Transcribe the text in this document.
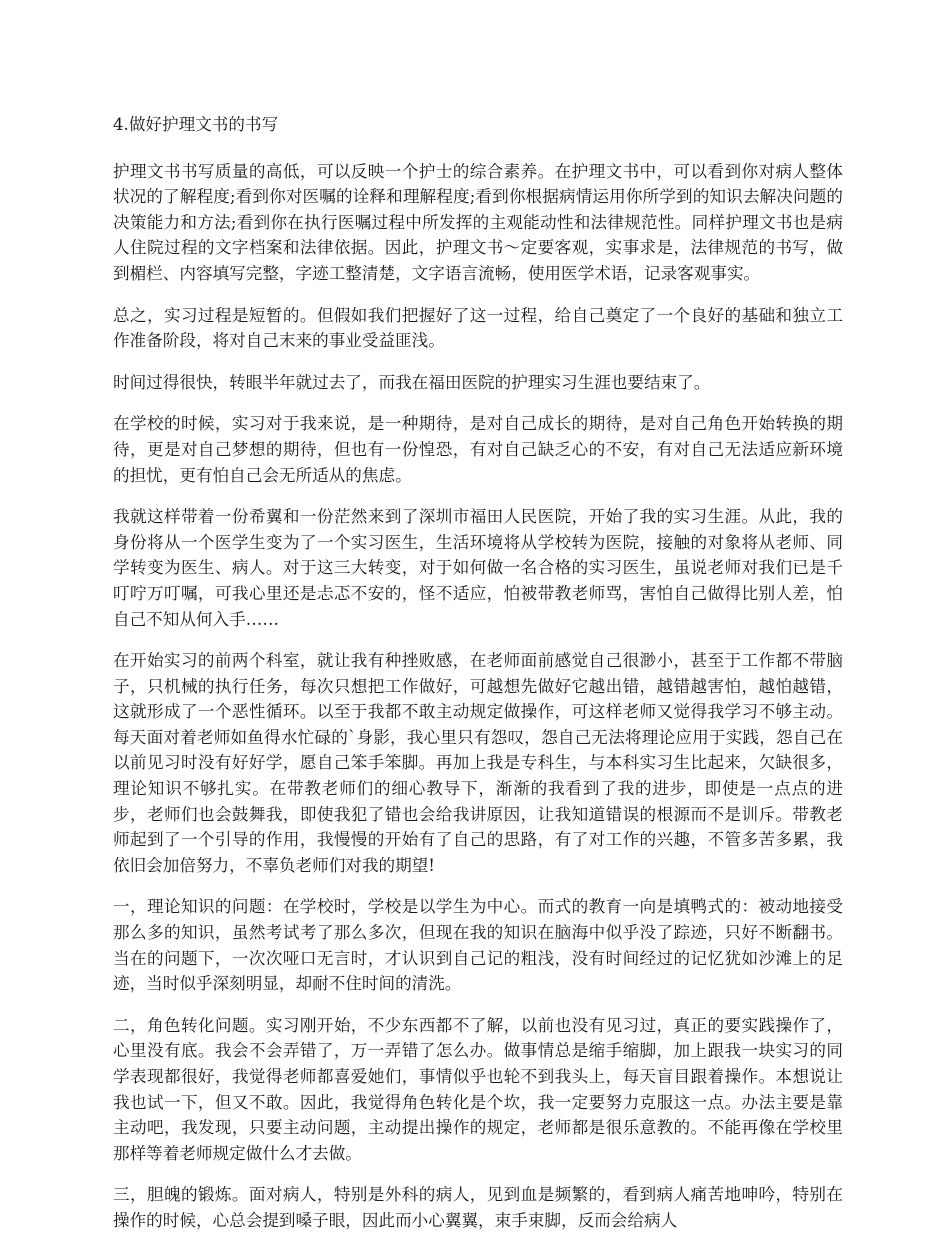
4.做好护理文书的书写

护理文书书写质量的高低，可以反映一个护士的综合素养。在护理文书中，可以看到你对病人整体状况的了解程度;看到你对医嘱的诠释和理解程度;看到你根据病情运用你所学到的知识去解决问题的决策能力和方法;看到你在执行医嘱过程中所发挥的主观能动性和法律规范性。同样护理文书也是病人住院过程的文字档案和法律依据。因此，护理文书～定要客观，实事求是，法律规范的书写，做到楣栏、内容填写完整，字迹工整清楚，文字语言流畅，使用医学术语，记录客观事实。

总之，实习过程是短暂的。但假如我们把握好了这一过程，给自己奠定了一个良好的基础和独立工作准备阶段，将对自己末来的事业受益匪浅。

时间过得很快，转眼半年就过去了，而我在福田医院的护理实习生涯也要结束了。

在学校的时候，实习对于我来说，是一种期待，是对自己成长的期待，是对自己角色开始转换的期待，更是对自己梦想的期待，但也有一份惶恐，有对自己缺乏心的不安，有对自己无法适应新环境的担忧，更有怕自己会无所适从的焦虑。

我就这样带着一份希翼和一份茫然来到了深圳市福田人民医院，开始了我的实习生涯。从此，我的身份将从一个医学生变为了一个实习医生，生活环境将从学校转为医院，接触的对象将从老师、同学转变为医生、病人。对于这三大转变，对于如何做一名合格的实习医生，虽说老师对我们已是千叮咛万叮嘱，可我心里还是忐忑不安的，怪不适应，怕被带教老师骂，害怕自己做得比别人差，怕自己不知从何入手……

在开始实习的前两个科室，就让我有种挫败感，在老师面前感觉自己很渺小，甚至于工作都不带脑子，只机械的执行任务，每次只想把工作做好，可越想先做好它越出错，越错越害怕，越怕越错，这就形成了一个恶性循环。以至于我都不敢主动规定做操作，可这样老师又觉得我学习不够主动。每天面对着老师如鱼得水忙碌的`身影，我心里只有怨叹，怨自己无法将理论应用于实践，怨自己在以前见习时没有好好学，愿自己笨手笨脚。再加上我是专科生，与本科实习生比起来，欠缺很多，理论知识不够扎实。在带教老师们的细心教导下，渐渐的我看到了我的进步，即使是一点点的进步，老师们也会鼓舞我，即使我犯了错也会给我讲原因，让我知道错误的根源而不是训斥。带教老师起到了一个引导的作用，我慢慢的开始有了自己的思路，有了对工作的兴趣，不管多苦多累，我依旧会加倍努力，不辜负老师们对我的期望!

一，理论知识的问题：在学校时，学校是以学生为中心。而式的教育一向是填鸭式的：被动地接受那么多的知识，虽然考试考了那么多次，但现在我的知识在脑海中似乎没了踪迹，只好不断翻书。当在的问题下，一次次哑口无言时，才认识到自己记的粗浅，没有时间经过的记忆犹如沙滩上的足迹，当时似乎深刻明显，却耐不住时间的清洗。

二，角色转化问题。实习刚开始，不少东西都不了解，以前也没有见习过，真正的要实践操作了，心里没有底。我会不会弄错了，万一弄错了怎么办。做事情总是缩手缩脚，加上跟我一块实习的同学表现都很好，我觉得老师都喜爱她们，事情似乎也轮不到我头上，每天盲目跟着操作。本想说让我也试一下，但又不敢。因此，我觉得角色转化是个坎，我一定要努力克服这一点。办法主要是靠主动吧，我发现，只要主动问题，主动提出操作的规定，老师都是很乐意教的。不能再像在学校里那样等着老师规定做什么才去做。

三，胆魄的锻炼。面对病人，特别是外科的病人，见到血是频繁的，看到病人痛苦地呻吟，特别在操作的时候，心总会提到嗓子眼，因此而小心翼翼，束手束脚，反而会给病人
